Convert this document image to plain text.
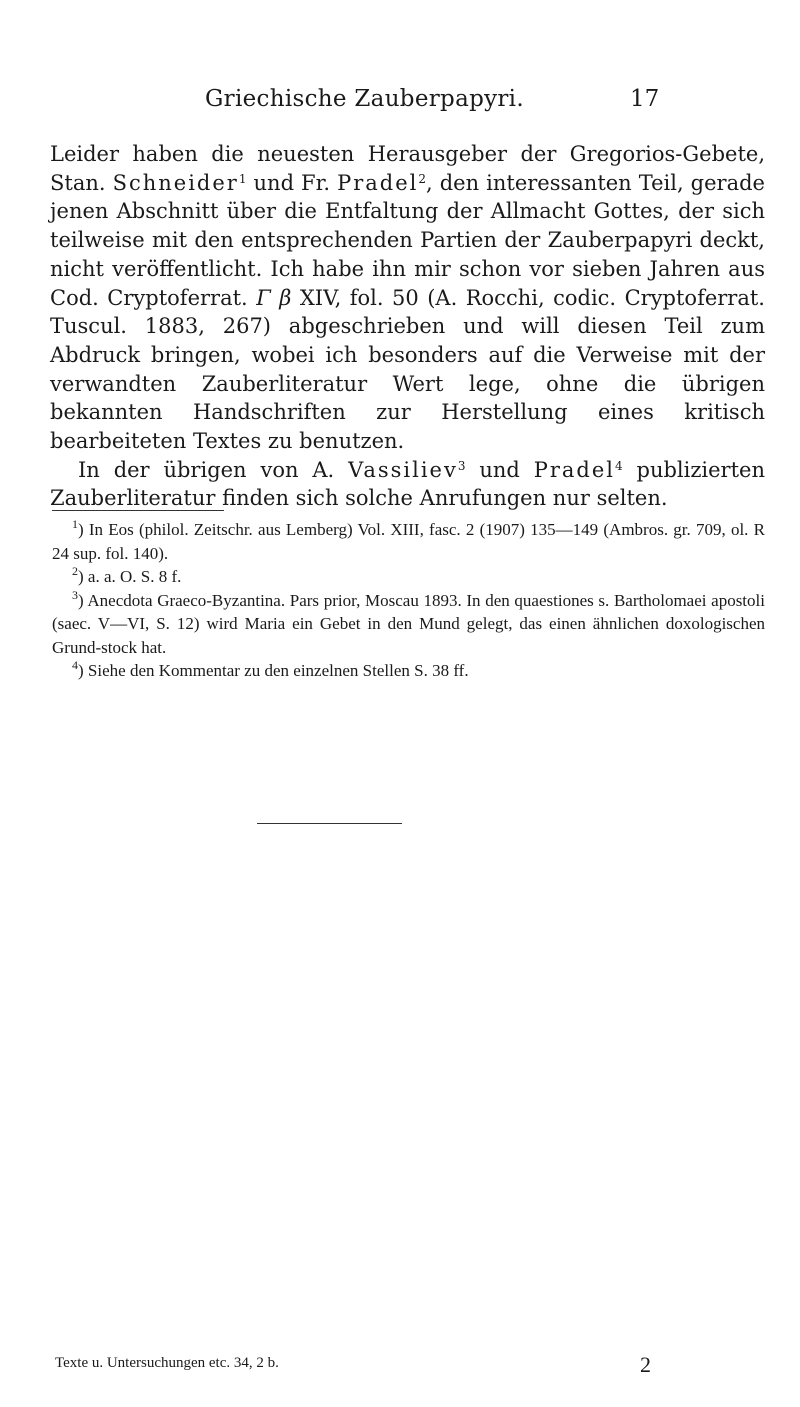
Griechische Zauberpapyri.	17

Leider haben die neuesten Herausgeber der Gregorios-Gebete, Stan. Schneider$^1$ und Fr. Pradel$^2$, den interessanten Teil, gerade jenen Abschnitt über die Entfaltung der Allmacht Gottes, der sich teilweise mit den entsprechenden Partien der Zauberpapyri deckt, nicht veröffentlicht. Ich habe ihn mir schon vor sieben Jahren aus Cod. Cryptoferrat. Γ β XIV, fol. 50 (A. Rocchi, codic. Cryptoferrat. Tuscul. 1883, 267) abgeschrieben und will diesen Teil zum Abdruck bringen, wobei ich besonders auf die Verweise mit der verwandten Zauberliteratur Wert lege, ohne die übrigen bekannten Handschriften zur Herstellung eines kritisch bearbeiteten Textes zu benutzen.

In der übrigen von A. Vassiliev$^3$ und Pradel$^4$ publizierten Zauberliteratur finden sich solche Anrufungen nur selten.

$^1$) In Eos (philol. Zeitschr. aus Lemberg) Vol. XIII, fasc. 2 (1907) 135—149 (Ambros. gr. 709, ol. R 24 sup. fol. 140).

$^2$) a. a. O. S. 8 f.

$^3$) Anecdota Graeco-Byzantina. Pars prior, Moscau 1893. In den quaestiones s. Bartholomaei apostoli (saec. V—VI, S. 12) wird Maria ein Gebet in den Mund gelegt, das einen ähnlichen doxologischen Grund-stock hat.

$^4$) Siehe den Kommentar zu den einzelnen Stellen S. 38 ff.

Texte u. Untersuchungen etc. 34, 2 b.	2
